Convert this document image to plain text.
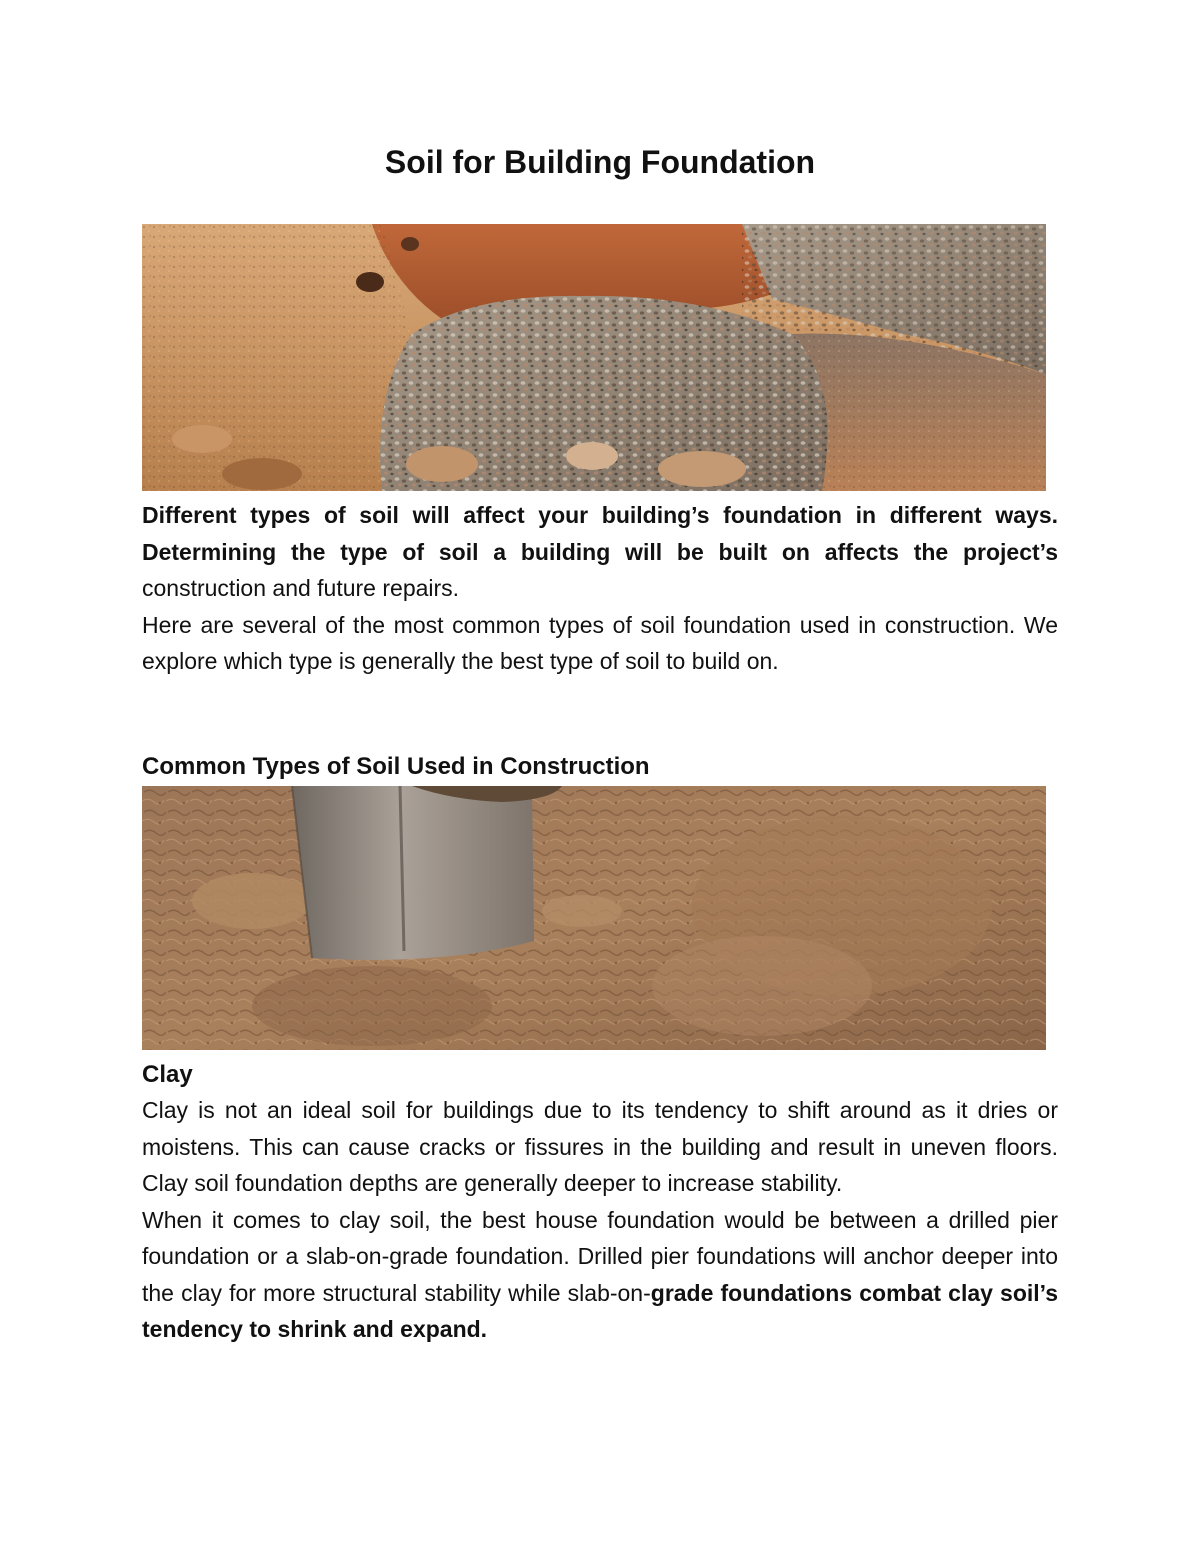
Soil for Building Foundation

Different types of soil will affect your building’s foundation in different ways. Determining the type of soil a building will be built on affects the project’s construction and future repairs.

Here are several of the most common types of soil foundation used in construction. We explore which type is generally the best type of soil to build on.

Common Types of Soil Used in Construction
Clay

Clay is not an ideal soil for buildings due to its tendency to shift around as it dries or moistens. This can cause cracks or fissures in the building and result in uneven floors. Clay soil foundation depths are generally deeper to increase stability.

When it comes to clay soil, the best house foundation would be between a drilled pier foundation or a slab-on-grade foundation. Drilled pier foundations will anchor deeper into the clay for more structural stability while slab-on-grade foundations combat clay soil’s tendency to shrink and expand.
